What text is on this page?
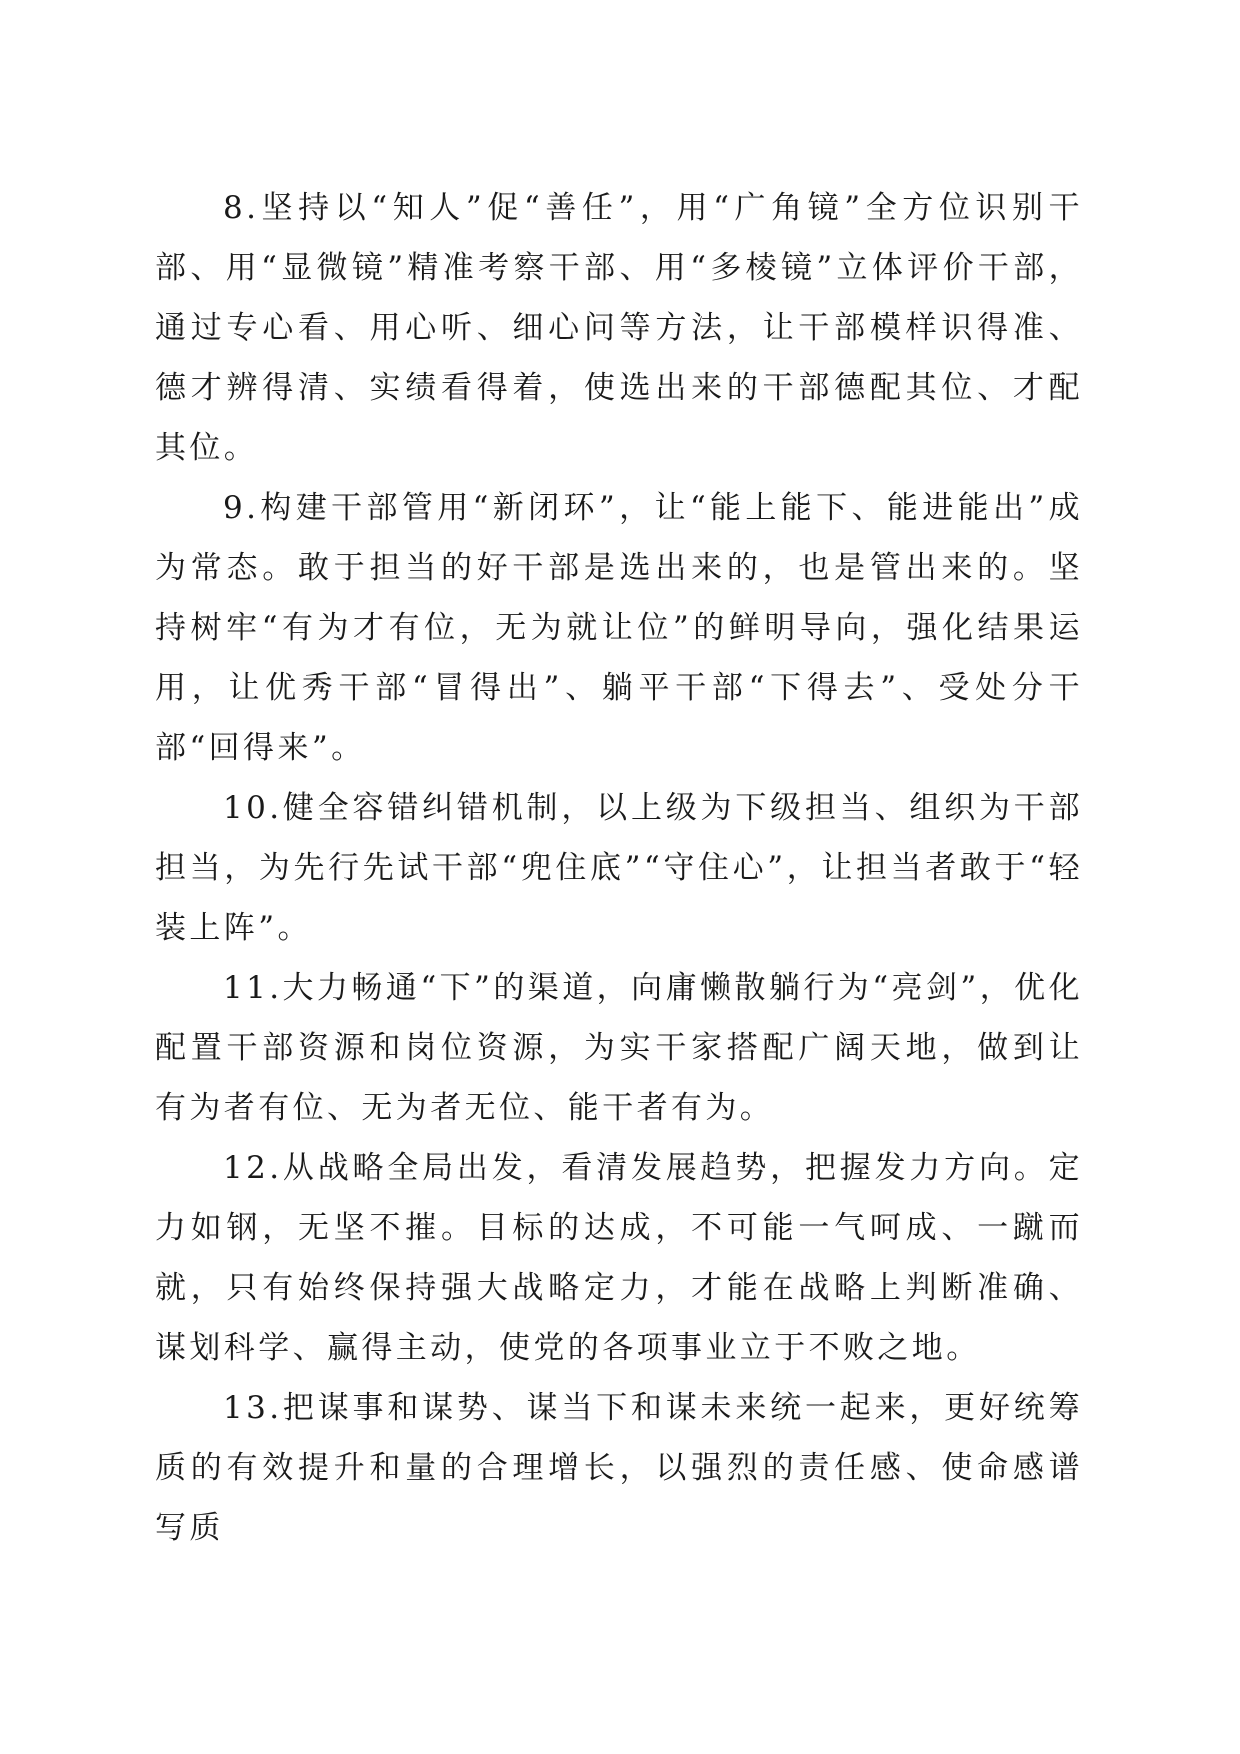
8.坚持以“知人”促“善任”，用“广角镜”全方位识别干部、用“显微镜”精准考察干部、用“多棱镜”立体评价干部，通过专心看、用心听、细心问等方法，让干部模样识得准、德才辨得清、实绩看得着，使选出来的干部德配其位、才配其位。

9.构建干部管用“新闭环”，让“能上能下、能进能出”成为常态。敢于担当的好干部是选出来的，也是管出来的。坚持树牢“有为才有位，无为就让位”的鲜明导向，强化结果运用，让优秀干部“冒得出”、躺平干部“下得去”、受处分干部“回得来”。

10.健全容错纠错机制，以上级为下级担当、组织为干部担当，为先行先试干部“兜住底”“守住心”，让担当者敢于“轻装上阵”。

11.大力畅通“下”的渠道，向庸懒散躺行为“亮剑”，优化配置干部资源和岗位资源，为实干家搭配广阔天地，做到让有为者有位、无为者无位、能干者有为。

12.从战略全局出发，看清发展趋势，把握发力方向。定力如钢，无坚不摧。目标的达成，不可能一气呵成、一蹴而就，只有始终保持强大战略定力，才能在战略上判断准确、谋划科学、赢得主动，使党的各项事业立于不败之地。

13.把谋事和谋势、谋当下和谋未来统一起来，更好统筹质的有效提升和量的合理增长，以强烈的责任感、使命感谱写质
